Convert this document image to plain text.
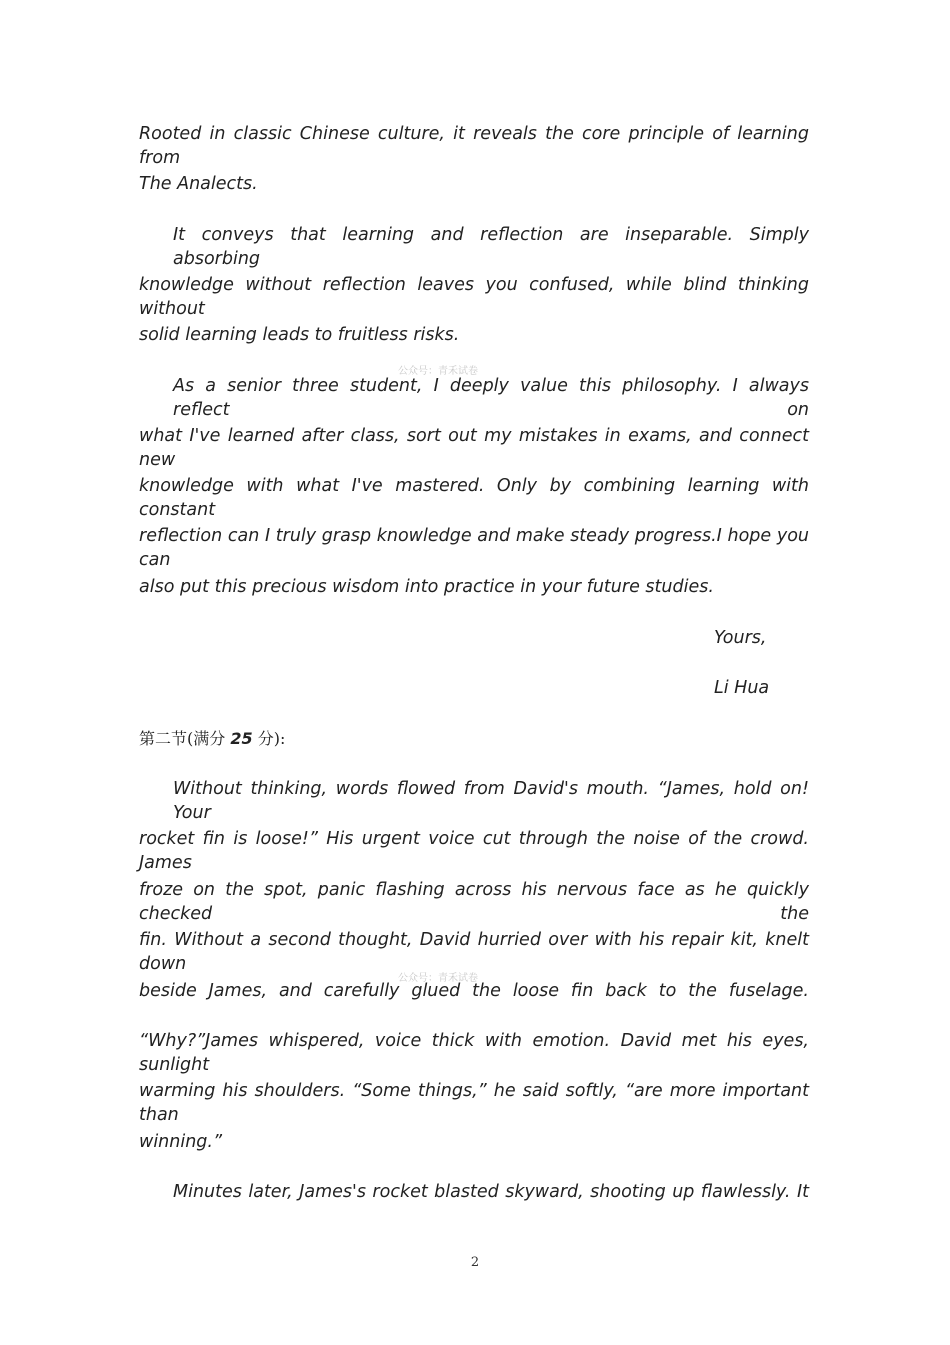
Rooted in classic Chinese culture, it reveals the core principle of learning from
The Analects.
It conveys that learning and reflection are inseparable. Simply absorbing
knowledge without reflection leaves you confused, while blind thinking without
solid learning leads to fruitless risks.
As a senior three student, I deeply value this philosophy. I always reflect on
what I've learned after class, sort out my mistakes in exams, and connect new
knowledge with what I've mastered. Only by combining learning with constant
reflection can I truly grasp knowledge and make steady progress.I hope you can
also put this precious wisdom into practice in your future studies.
Yours,
Li Hua
第二节(满分 25 分):
Without thinking, words flowed from David's mouth. “James, hold on! Your
rocket fin is loose!” His urgent voice cut through the noise of the crowd. James
froze on the spot, panic flashing across his nervous face as he quickly checked the
fin. Without a second thought, David hurried over with his repair kit, knelt down
beside James, and carefully glued the loose fin back to the fuselage.
“Why?”James whispered, voice thick with emotion. David met his eyes, sunlight
warming his shoulders. “Some things,” he said softly, “are more important than
winning.”
Minutes later, James's rocket blasted skyward, shooting up flawlessly. It
公众号：青禾试卷
公众号：青禾试卷
2
